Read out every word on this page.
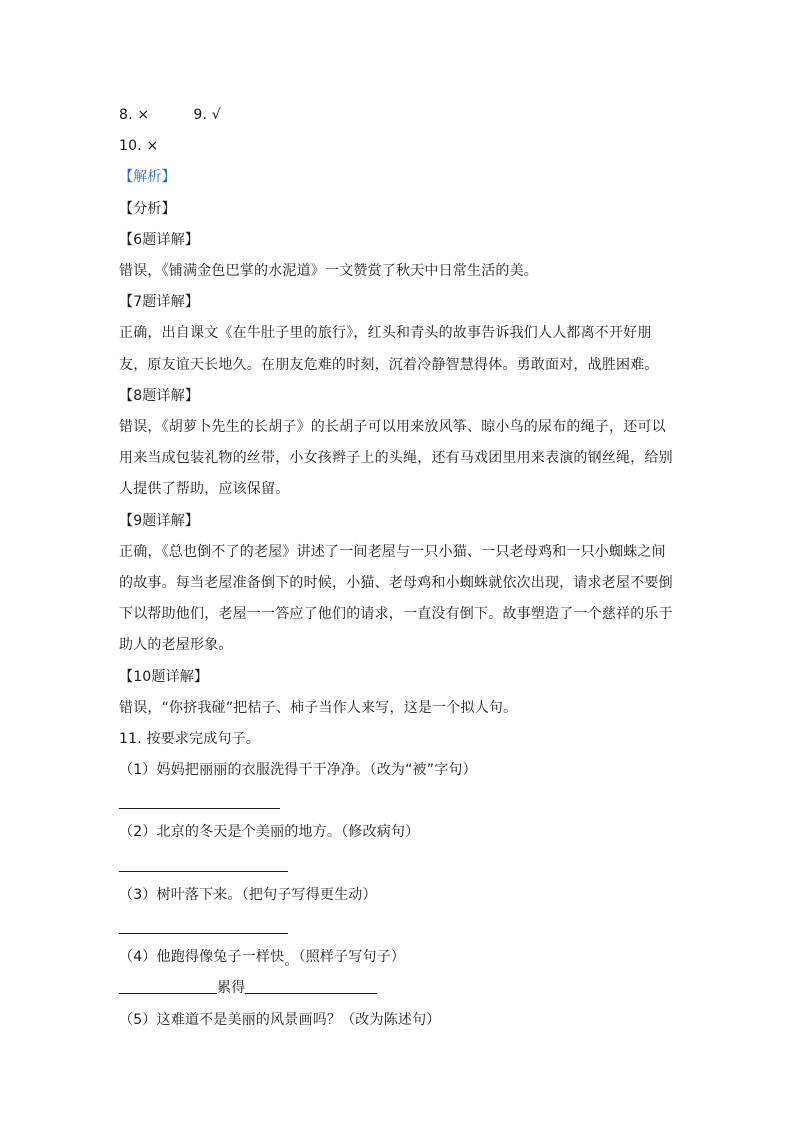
8. ×	9. √
10. ×
【解析】
【分析】
【6题详解】
错误，《铺满金色巴掌的水泥道》一文赞赏了秋天中日常生活的美。
【7题详解】
正确，出自课文《在牛肚子里的旅行》，红头和青头的故事告诉我们人人都离不开好朋友，原友谊天长地久。在朋友危难的时刻，沉着冷静智慧得体。勇敢面对，战胜困难。
【8题详解】
错误，《胡萝卜先生的长胡子》的长胡子可以用来放风筝、晾小鸟的尿布的绳子，还可以用来当成包装礼物的丝带，小女孩辫子上的头绳，还有马戏团里用来表演的钢丝绳，给别人提供了帮助，应该保留。
【9题详解】
正确，《总也倒不了的老屋》讲述了一间老屋与一只小猫、一只老母鸡和一只小蜘蛛之间的故事。每当老屋准备倒下的时候，小猫、老母鸡和小蜘蛛就依次出现，请求老屋不要倒下以帮助他们，老屋一一答应了他们的请求，一直没有倒下。故事塑造了一个慈祥的乐于助人的老屋形象。
【10题详解】
错误，“你挤我碰”把桔子、柿子当作人来写，这是一个拟人句。
11. 按要求完成句子。
（1）妈妈把丽丽的衣服洗得干干净净。（改为“被”字句）
（2）北京的冬天是个美丽的地方。（修改病句）
（3）树叶落下来。（把句子写得更生动）
（4）他跑得像兔子一样快。（照样子写句子）
累得
（5）这难道不是美丽的风景画吗？（改为陈述句）
